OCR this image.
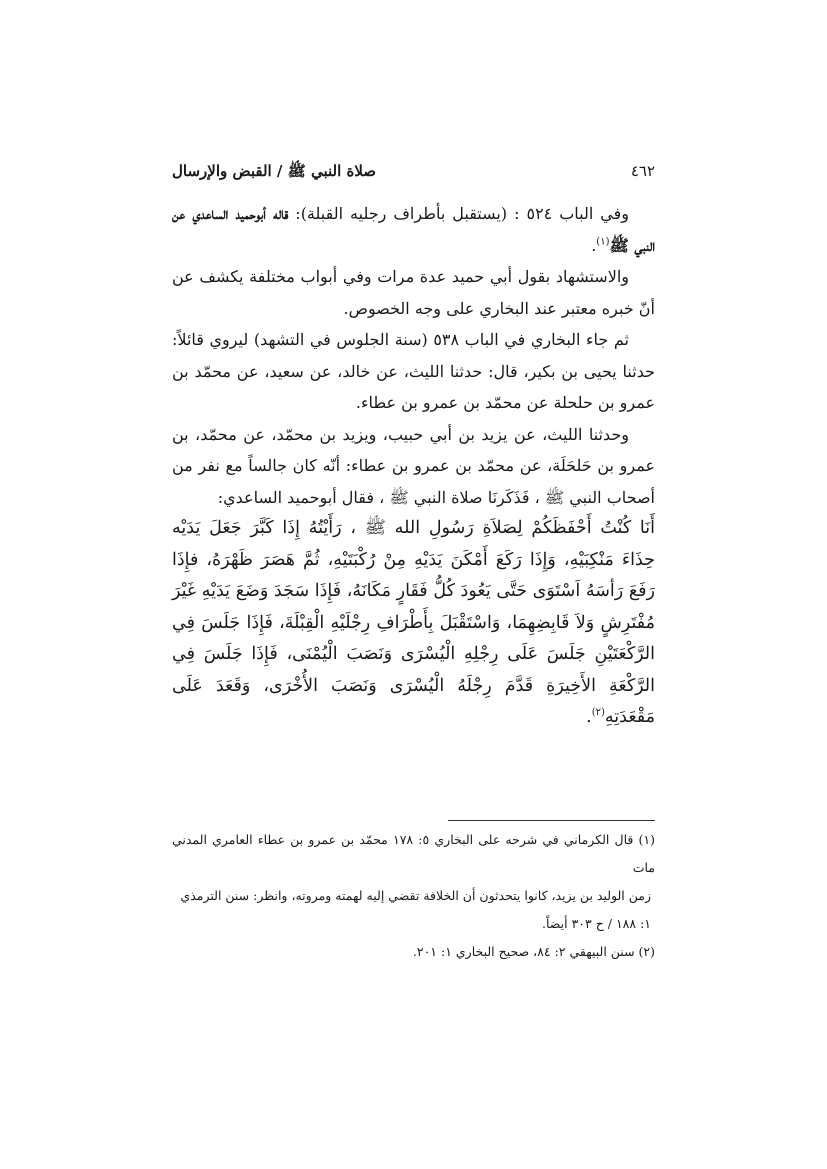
٤٦٢
صلاة النبي ﷺ / القبض والإرسال

وفي الباب ٥٢٤ : (يستقبل بأطراف رجليه القبلة): قاله أبوحميد الساعدي عن النبي ﷺ$^{(١)}$.

والاستشهاد بقول أبي حميد عدة مرات وفي أبواب مختلفة يكشف عن أنّ خبره معتبر عند البخاري على وجه الخصوص.

ثم جاء البخاري في الباب ٥٣٨ (سنة الجلوس في التشهد) ليروي قائلاً: حدثنا يحيى بن بكير، قال: حدثنا الليث، عن خالد، عن سعيد، عن محمّد بن عمرو بن حلحلة عن محمّد بن عمرو بن عطاء.

وحدثنا الليث، عن يزيد بن أبي حبيب، ويزيد بن محمّد، عن محمّد، بن عمرو بن حَلحَلَة، عن محمّد بن عمرو بن عطاء: أنّه كان جالساً مع نفر من أصحاب النبي ﷺ ، فَذَكَرنَا صلاة النبي ﷺ ، فقال أبوحميد الساعدي:

أَنَا كُنْتُ أَحْفَظَكُمْ لِصَلاَةِ رَسُولِ الله ﷺ ، رَأَيْتُهُ إِذَا كَبَّرَ جَعَلَ يَدَيْه حِذَاءَ مَنْكِبَيْهِ، وَإِذَا رَكَعَ أَمْكَنَ يَدَيْهِ مِنْ رُكْبَتَيْهِ، ثُمَّ هَصَرَ ظَهْرَهُ، فإِذَا رَفَعَ رَأسَهُ اَسْتَوَى حَتَّى يَعُودَ كُلُّ فَقَارٍ مَكَانَهُ، فَإِذَا سَجَدَ وَضَعَ يَدَيْهِ غَيْرَ مُفْتَرِشٍ وَلاَ قَابِضِهِمَا، وَاسْتَقْبَلَ بِأَطْرَافِ رِجْلَيْهِ الْقِبْلَةَ، فَإِذَا جَلَسَ فِي الرَّكْعَتَيْنِ جَلَسَ عَلَى رِجْلِهِ الْيُسْرَى وَنَصَبَ الْيُمْنَى، فَإِذَا جَلَسَ فِي الرَّكْعَةِ الأَخِيرَةِ قَدَّمَ رِجْلَهُ الْيُسْرَى وَنَصَبَ الأُخْرَى، وَقَعَدَ عَلَى مَقْعَدَتِهِ$^{(٢)}$.

(١) قال الكرماني في شرحه على البخاري ٥: ١٧٨ محمّد بن عمرو بن عطاء العامري المدني مات

زمن الوليد بن يزيد، كانوا يتحدثون أن الخلافة تقضي إليه لهمته ومروته، وانظر: سنن الترمذي

١: ١٨٨ / ح ٣٠٣ أيضاً.

(٢) سنن البيهقي ٢: ٨٤، صحيح البخاري ١: ٢٠١.
